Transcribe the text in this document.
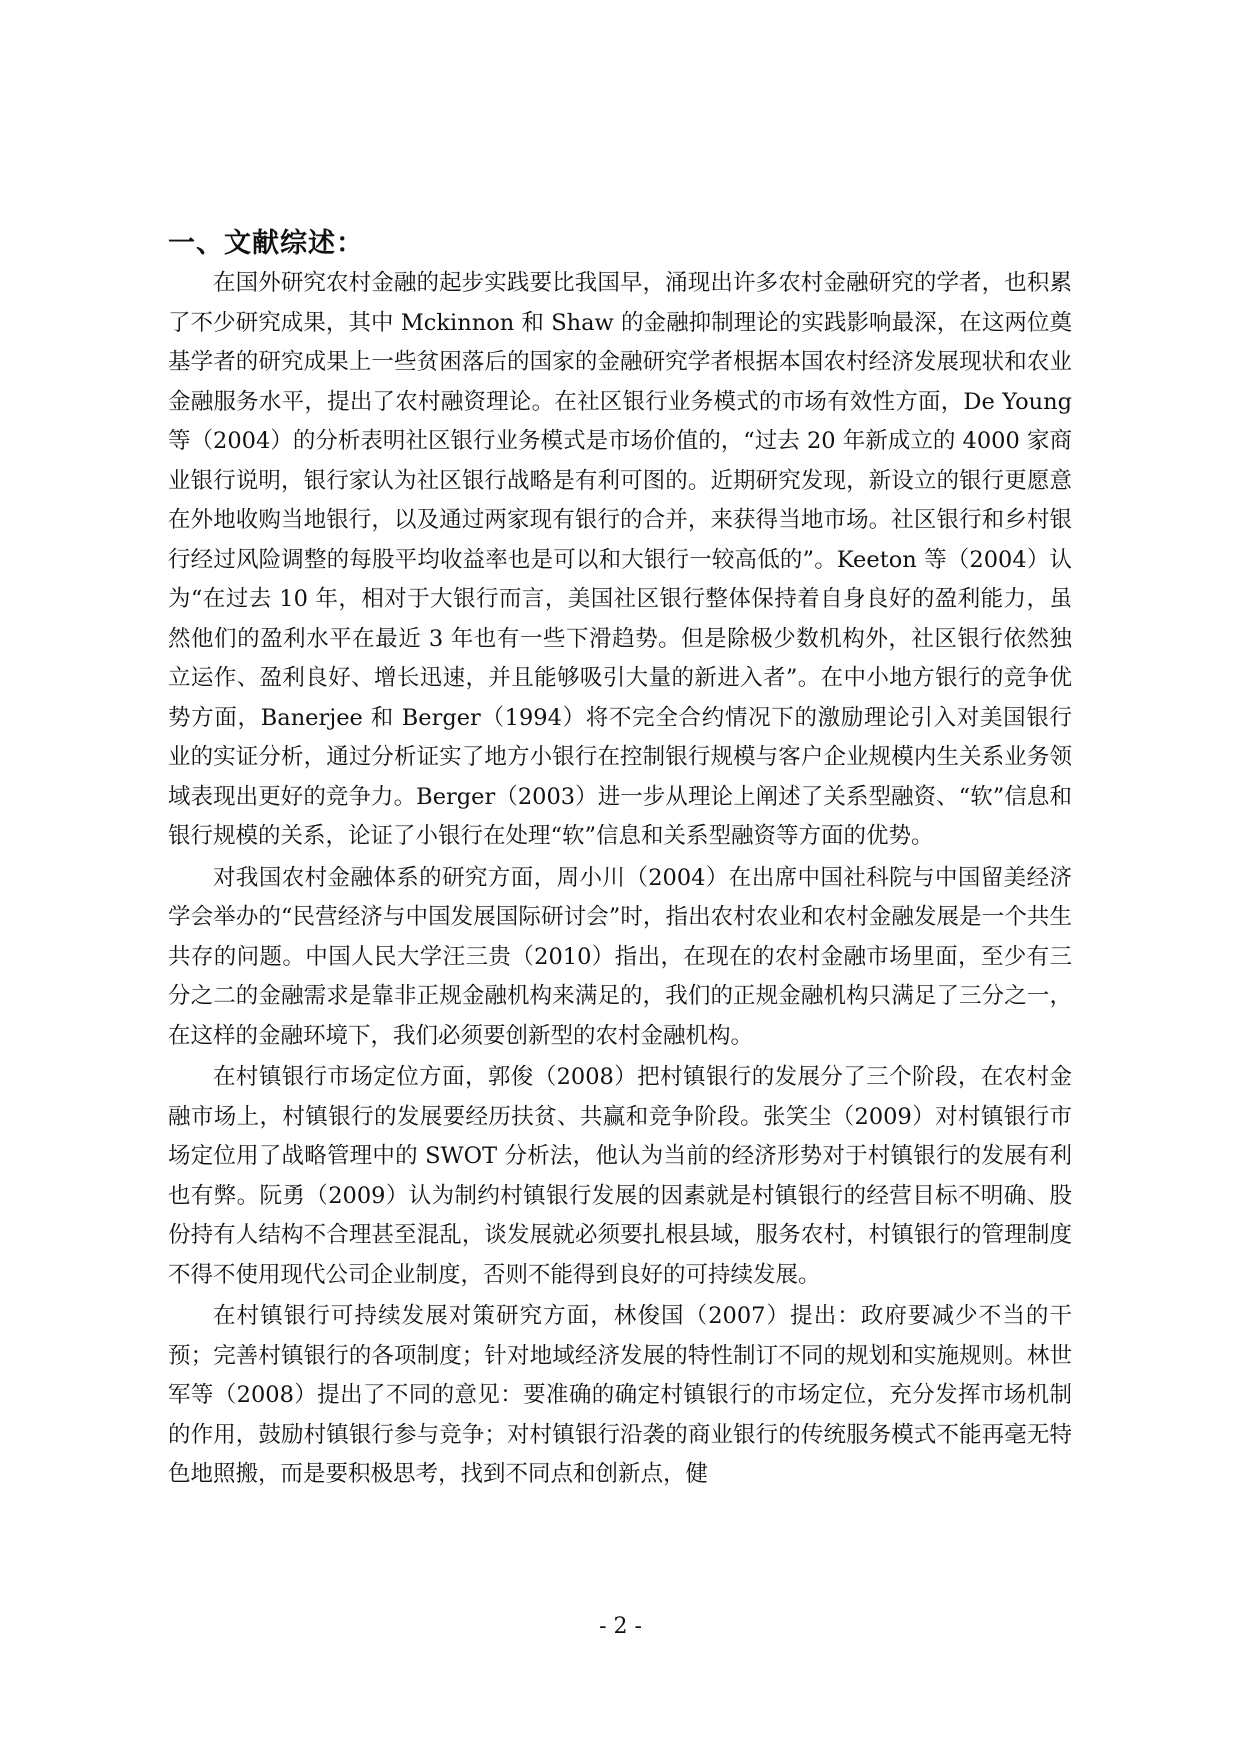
一、文献综述：

在国外研究农村金融的起步实践要比我国早，涌现出许多农村金融研究的学者，也积累了不少研究成果，其中 Mckinnon 和 Shaw 的金融抑制理论的实践影响最深，在这两位奠基学者的研究成果上一些贫困落后的国家的金融研究学者根据本国农村经济发展现状和农业金融服务水平，提出了农村融资理论。在社区银行业务模式的市场有效性方面，De Young 等（2004）的分析表明社区银行业务模式是市场价值的，“过去 20 年新成立的 4000 家商业银行说明，银行家认为社区银行战略是有利可图的。近期研究发现，新设立的银行更愿意在外地收购当地银行，以及通过两家现有银行的合并，来获得当地市场。社区银行和乡村银行经过风险调整的每股平均收益率也是可以和大银行一较高低的”。Keeton 等（2004）认为“在过去 10 年，相对于大银行而言，美国社区银行整体保持着自身良好的盈利能力，虽然他们的盈利水平在最近 3 年也有一些下滑趋势。但是除极少数机构外，社区银行依然独立运作、盈利良好、增长迅速，并且能够吸引大量的新进入者”。在中小地方银行的竞争优势方面，Banerjee 和 Berger（1994）将不完全合约情况下的激励理论引入对美国银行业的实证分析，通过分析证实了地方小银行在控制银行规模与客户企业规模内生关系业务领域表现出更好的竞争力。Berger（2003）进一步从理论上阐述了关系型融资、“软”信息和银行规模的关系，论证了小银行在处理“软”信息和关系型融资等方面的优势。

对我国农村金融体系的研究方面，周小川（2004）在出席中国社科院与中国留美经济学会举办的“民营经济与中国发展国际研讨会”时，指出农村农业和农村金融发展是一个共生共存的问题。中国人民大学汪三贵（2010）指出，在现在的农村金融市场里面，至少有三分之二的金融需求是靠非正规金融机构来满足的，我们的正规金融机构只满足了三分之一，在这样的金融环境下，我们必须要创新型的农村金融机构。

在村镇银行市场定位方面，郭俊（2008）把村镇银行的发展分了三个阶段，在农村金融市场上，村镇银行的发展要经历扶贫、共赢和竞争阶段。张笑尘（2009）对村镇银行市场定位用了战略管理中的 SWOT 分析法，他认为当前的经济形势对于村镇银行的发展有利也有弊。阮勇（2009）认为制约村镇银行发展的因素就是村镇银行的经营目标不明确、股份持有人结构不合理甚至混乱，谈发展就必须要扎根县域，服务农村，村镇银行的管理制度不得不使用现代公司企业制度，否则不能得到良好的可持续发展。

在村镇银行可持续发展对策研究方面，林俊国（2007）提出：政府要减少不当的干预；完善村镇银行的各项制度；针对地域经济发展的特性制订不同的规划和实施规则。林世军等（2008）提出了不同的意见：要准确的确定村镇银行的市场定位，充分发挥市场机制的作用，鼓励村镇银行参与竞争；对村镇银行沿袭的商业银行的传统服务模式不能再毫无特色地照搬，而是要积极思考，找到不同点和创新点，健

- 2 -
